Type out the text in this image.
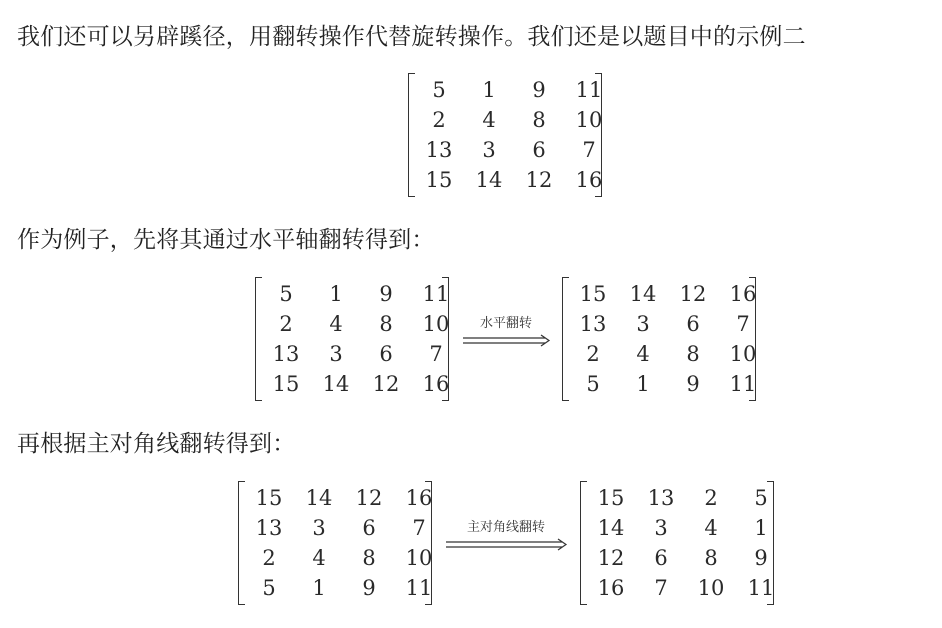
我们还可以另辟蹊径，用翻转操作代替旋转操作。我们还是以题目中的示例二
5	1	9	11
2	4	8	10
13	3	6	7
15	14	12	16
作为例子，先将其通过水平轴翻转得到：
5	1	9	11
2	4	8	10
13	3	6	7
15	14	12	16
水平翻转
15	14	12	16
13	3	6	7
2	4	8	10
5	1	9	11
再根据主对角线翻转得到：
15	14	12	16
13	3	6	7
2	4	8	10
5	1	9	11
主对角线翻转
15	13	2	5
14	3	4	1
12	6	8	9
16	7	10	11
